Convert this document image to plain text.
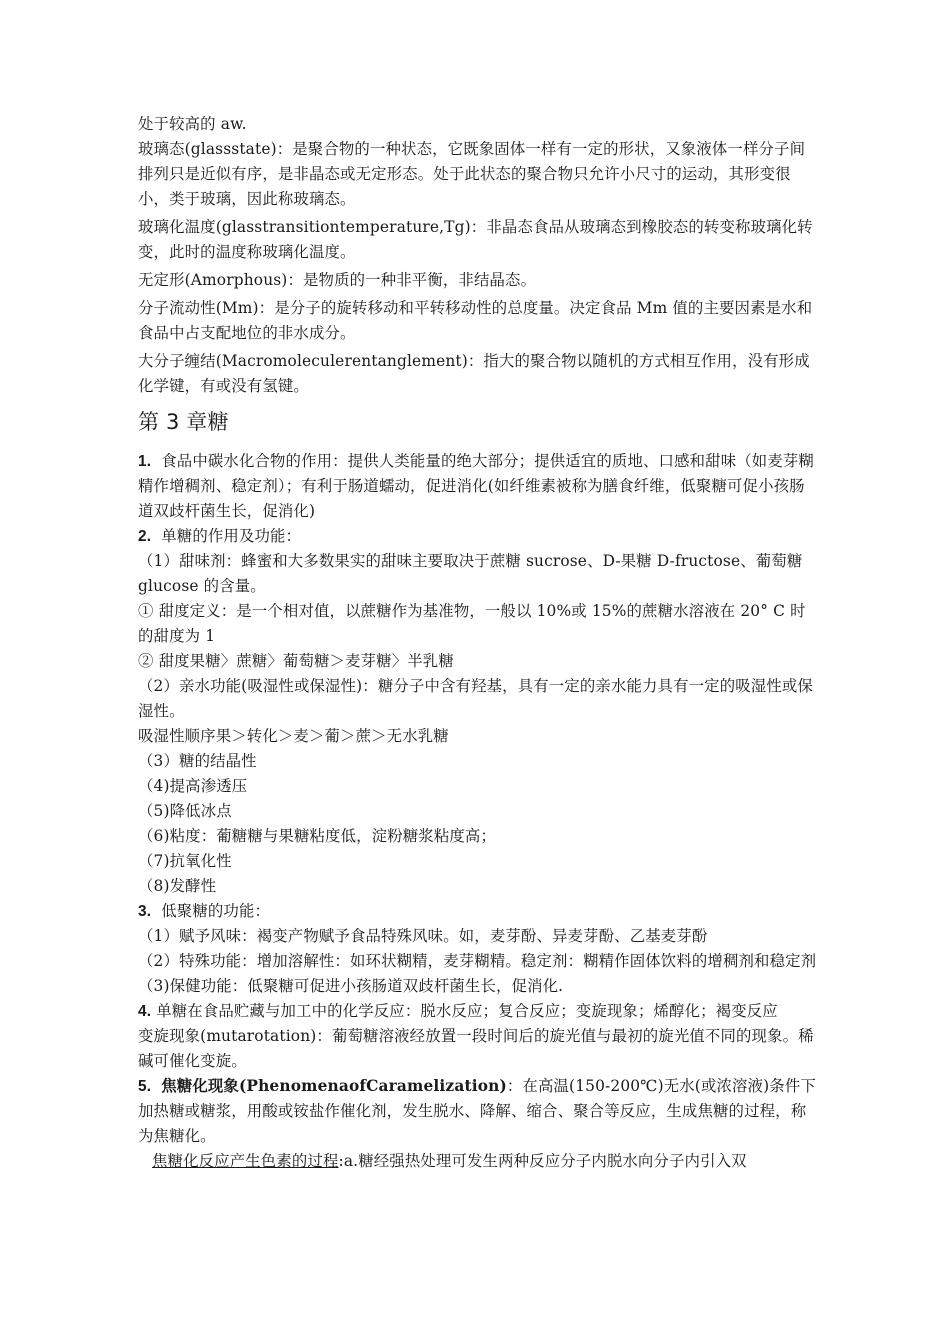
处于较高的 aw.

玻璃态(glassstate)：是聚合物的一种状态，它既象固体一样有一定的形状，又象液体一样分子间排列只是近似有序，是非晶态或无定形态。处于此状态的聚合物只允许小尺寸的运动，其形变很小，类于玻璃，因此称玻璃态。

玻璃化温度(glasstransitiontemperature,Tg)：非晶态食品从玻璃态到橡胶态的转变称玻璃化转变，此时的温度称玻璃化温度。

无定形(Amorphous)：是物质的一种非平衡，非结晶态。

分子流动性(Mm)：是分子的旋转移动和平转移动性的总度量。决定食品 Mm 值的主要因素是水和食品中占支配地位的非水成分。

大分子缠结(Macromoleculerentanglement)：指大的聚合物以随机的方式相互作用，没有形成化学键，有或没有氢键。

第 3 章糖

1. 食品中碳水化合物的作用：提供人类能量的绝大部分；提供适宜的质地、口感和甜味（如麦芽糊精作增稠剂、稳定剂）；有利于肠道蠕动，促进消化(如纤维素被称为膳食纤维，低聚糖可促小孩肠道双歧杆菌生长，促消化)

2. 单糖的作用及功能：

（1）甜味剂：蜂蜜和大多数果实的甜味主要取决于蔗糖 sucrose、D-果糖 D-fructose、葡萄糖 glucose 的含量。

① 甜度定义：是一个相对值，以蔗糖作为基准物，一般以 10%或 15%的蔗糖水溶液在 20° C 时的甜度为 1

② 甜度果糖〉蔗糖〉葡萄糖＞麦芽糖〉半乳糖

（2）亲水功能(吸湿性或保湿性)：糖分子中含有羟基，具有一定的亲水能力具有一定的吸湿性或保湿性。

吸湿性顺序果＞转化＞麦＞葡＞蔗＞无水乳糖

（3）糖的结晶性

（4)提高渗透压

（5)降低冰点

（6)粘度：葡糖糖与果糖粘度低，淀粉糖浆粘度高；

（7)抗氧化性

（8)发酵性

3. 低聚糖的功能：

（1）赋予风味：褐变产物赋予食品特殊风味。如，麦芽酚、异麦芽酚、乙基麦芽酚

（2）特殊功能：增加溶解性：如环状糊精，麦芽糊精。稳定剂：糊精作固体饮料的增稠剂和稳定剂

（3)保健功能：低聚糖可促进小孩肠道双歧杆菌生长，促消化.

4. 单糖在食品贮藏与加工中的化学反应：脱水反应；复合反应；变旋现象；烯醇化；褐变反应

变旋现象(mutarotation)：葡萄糖溶液经放置一段时间后的旋光值与最初的旋光值不同的现象。稀碱可催化变旋。

5. 焦糖化现象(PhenomenaofCaramelization)：在高温(150-200℃)无水(或浓溶液)条件下加热糖或糖浆，用酸或铵盐作催化剂，发生脱水、降解、缩合、聚合等反应，生成焦糖的过程，称为焦糖化。

焦糖化反应产生色素的过程:a.糖经强热处理可发生两种反应分子内脱水向分子内引入双
